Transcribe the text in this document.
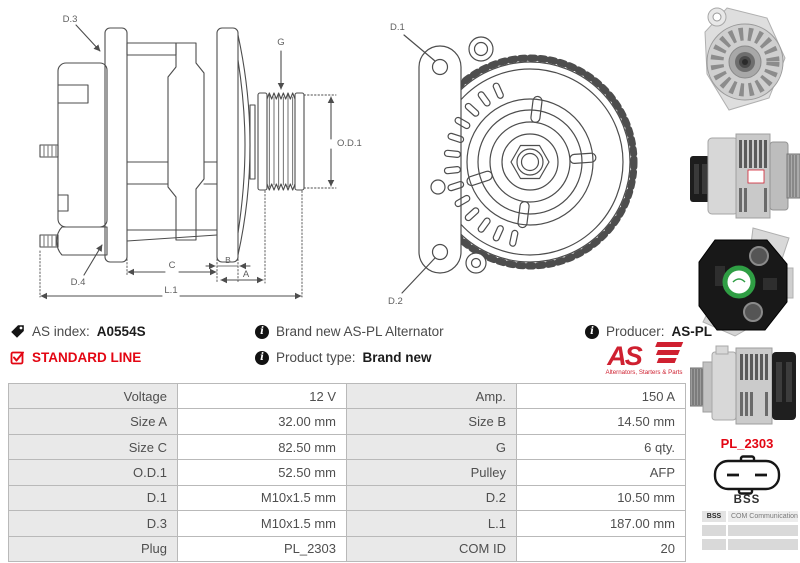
D.3
G
O.D.1
D.4
C	B
A
L.1
D.1
D.2
AS index: A0554S	i Brand new AS-PL Alternator	i Producer: AS-PL
STANDARD LINE	i Product type: Brand new	AS
Alternators, Starters & Parts
Voltage	12 V	Amp.	150 A
Size A	32.00 mm	Size B	14.50 mm
Size C	82.50 mm	G	6 qty.
O.D.1	52.50 mm	Pulley	AFP
D.1	M10x1.5 mm	D.2	10.50 mm
D.3	M10x1.5 mm	L.1	187.00 mm
Plug	PL_2303	COM ID	20
PL_2303
BSS
BSS	COM Communication
